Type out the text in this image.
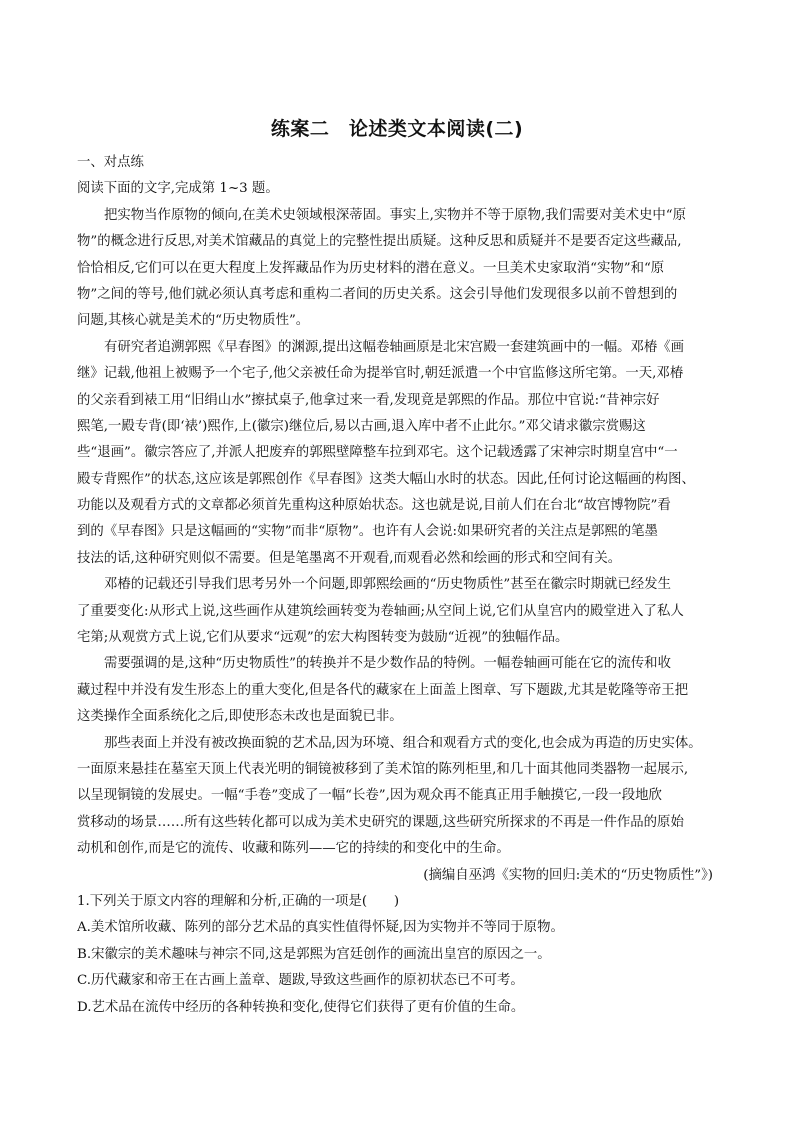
练案二　论述类文本阅读(二)
一、对点练
阅读下面的文字,完成第 1~3 题。
把实物当作原物的倾向,在美术史领域根深蒂固。事实上,实物并不等于原物,我们需要对美术史中“原
物”的概念进行反思,对美术馆藏品的真觉上的完整性提出质疑。这种反思和质疑并不是要否定这些藏品,
恰恰相反,它们可以在更大程度上发挥藏品作为历史材料的潜在意义。一旦美术史家取消“实物”和“原
物”之间的等号,他们就必须认真考虑和重构二者间的历史关系。这会引导他们发现很多以前不曾想到的
问题,其核心就是美术的“历史物质性”。
有研究者追溯郭熙《早春图》的渊源,提出这幅卷轴画原是北宋宫殿一套建筑画中的一幅。邓椿《画
继》记载,他祖上被赐予一个宅子,他父亲被任命为提举官时,朝廷派遣一个中官监修这所宅第。一天,邓椿
的父亲看到裱工用“旧绢山水”擦拭桌子,他拿过来一看,发现竟是郭熙的作品。那位中官说:“昔神宗好
熙笔,一殿专背(即‘裱’)熙作,上(徽宗)继位后,易以古画,退入库中者不止此尔。”邓父请求徽宗赏赐这
些“退画”。徽宗答应了,并派人把废弃的郭熙壁障整车拉到邓宅。这个记载透露了宋神宗时期皇宫中“一
殿专背熙作”的状态,这应该是郭熙创作《早春图》这类大幅山水时的状态。因此,任何讨论这幅画的构图、
功能以及观看方式的文章都必须首先重构这种原始状态。这也就是说,目前人们在台北“故宫博物院”看
到的《早春图》只是这幅画的“实物”而非“原物”。也许有人会说:如果研究者的关注点是郭熙的笔墨
技法的话,这种研究则似不需要。但是笔墨离不开观看,而观看必然和绘画的形式和空间有关。
邓椿的记载还引导我们思考另外一个问题,即郭熙绘画的“历史物质性”甚至在徽宗时期就已经发生
了重要变化:从形式上说,这些画作从建筑绘画转变为卷轴画;从空间上说,它们从皇宫内的殿堂进入了私人
宅第;从观赏方式上说,它们从要求“远观”的宏大构图转变为鼓励“近视”的独幅作品。
需要强调的是,这种“历史物质性”的转换并不是少数作品的特例。一幅卷轴画可能在它的流传和收
藏过程中并没有发生形态上的重大变化,但是各代的藏家在上面盖上图章、写下题跋,尤其是乾隆等帝王把
这类操作全面系统化之后,即使形态未改也是面貌已非。
那些表面上并没有被改换面貌的艺术品,因为环境、组合和观看方式的变化,也会成为再造的历史实体。
一面原来悬挂在墓室天顶上代表光明的铜镜被移到了美术馆的陈列柜里,和几十面其他同类器物一起展示,
以呈现铜镜的发展史。一幅“手卷”变成了一幅“长卷”,因为观众再不能真正用手触摸它,一段一段地欣
赏移动的场景……所有这些转化都可以成为美术史研究的课题,这些研究所探求的不再是一件作品的原始
动机和创作,而是它的流传、收藏和陈列——它的持续的和变化中的生命。
(摘编自巫鸿《实物的回归:美术的“历史物质性”》)
1.下列关于原文内容的理解和分析,正确的一项是(　　)
A.美术馆所收藏、陈列的部分艺术品的真实性值得怀疑,因为实物并不等同于原物。
B.宋徽宗的美术趣味与神宗不同,这是郭熙为宫廷创作的画流出皇宫的原因之一。
C.历代藏家和帝王在古画上盖章、题跋,导致这些画作的原初状态已不可考。
D.艺术品在流传中经历的各种转换和变化,使得它们获得了更有价值的生命。
